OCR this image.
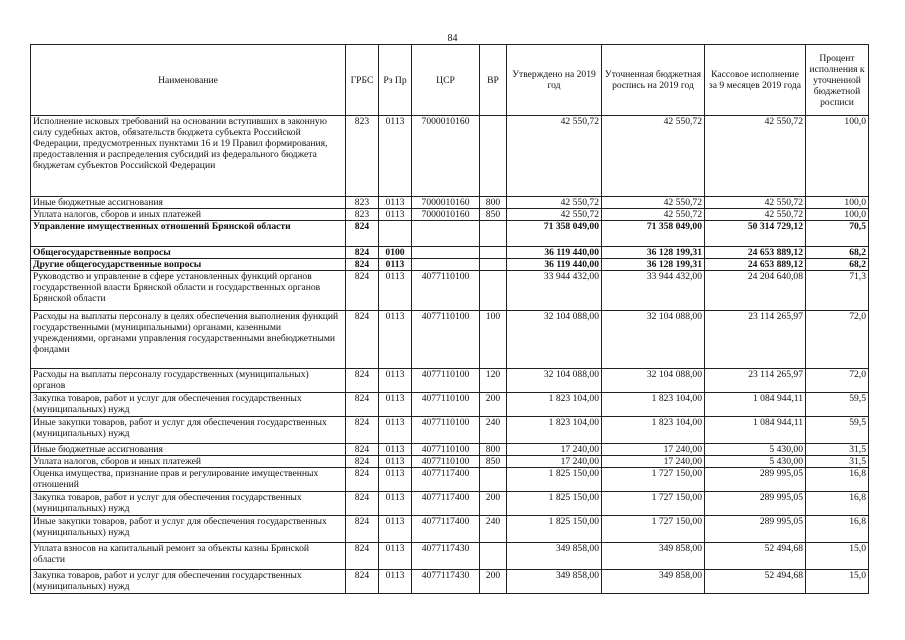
84
Наименование	ГРБС	Рз Пр	ЦСР	ВР	Утверждено на 2019 год	Уточненная бюджетная роспись на 2019 год	Кассовое исполнение за 9 месяцев 2019 года	Процент исполнения к уточненной бюджетной росписи
Исполнение исковых требований на основании вступивших в законную силу судебных актов, обязательств бюджета субъекта Российской Федерации, предусмотренных пунктами 16 и 19 Правил формирования, предоставления и распределения субсидий из федерального бюджета бюджетам субъектов Российской Федерации	823	0113	7000010160		42 550,72	42 550,72	42 550,72	100,0
Иные бюджетные ассигнования	823	0113	7000010160	800	42 550,72	42 550,72	42 550,72	100,0
Уплата налогов, сборов и иных платежей	823	0113	7000010160	850	42 550,72	42 550,72	42 550,72	100,0
Управление имущественных отношений Брянской области	824				71 358 049,00	71 358 049,00	50 314 729,12	70,5
Общегосударственные вопросы	824	0100			36 119 440,00	36 128 199,31	24 653 889,12	68,2
Другие общегосударственные вопросы	824	0113			36 119 440,00	36 128 199,31	24 653 889,12	68,2
Руководство и управление в сфере установленных функций органов государственной власти Брянской области и государственных органов Брянской области	824	0113	4077110100		33 944 432,00	33 944 432,00	24 204 640,08	71,3
Расходы на выплаты персоналу в целях обеспечения выполнения функций государственными (муниципальными) органами, казенными учреждениями, органами управления государственными внебюджетными фондами	824	0113	4077110100	100	32 104 088,00	32 104 088,00	23 114 265,97	72,0
Расходы на выплаты персоналу государственных (муниципальных) органов	824	0113	4077110100	120	32 104 088,00	32 104 088,00	23 114 265,97	72,0
Закупка товаров, работ и услуг для обеспечения государственных (муниципальных) нужд	824	0113	4077110100	200	1 823 104,00	1 823 104,00	1 084 944,11	59,5
Иные закупки товаров, работ и услуг для обеспечения государственных (муниципальных) нужд	824	0113	4077110100	240	1 823 104,00	1 823 104,00	1 084 944,11	59,5
Иные бюджетные ассигнования	824	0113	4077110100	800	17 240,00	17 240,00	5 430,00	31,5
Уплата налогов, сборов и иных платежей	824	0113	4077110100	850	17 240,00	17 240,00	5 430,00	31,5
Оценка имущества, признание прав и регулирование имущественных отношений	824	0113	4077117400		1 825 150,00	1 727 150,00	289 995,05	16,8
Закупка товаров, работ и услуг для обеспечения государственных (муниципальных) нужд	824	0113	4077117400	200	1 825 150,00	1 727 150,00	289 995,05	16,8
Иные закупки товаров, работ и услуг для обеспечения государственных (муниципальных) нужд	824	0113	4077117400	240	1 825 150,00	1 727 150,00	289 995,05	16,8
Уплата взносов на капитальный ремонт за объекты казны Брянской области	824	0113	4077117430		349 858,00	349 858,00	52 494,68	15,0
Закупка товаров, работ и услуг для обеспечения государственных (муниципальных) нужд	824	0113	4077117430	200	349 858,00	349 858,00	52 494,68	15,0
